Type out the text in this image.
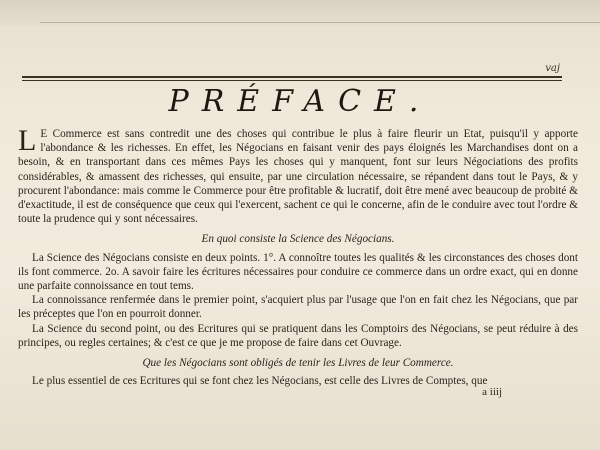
vaj
PRÉFACE.

L E Commerce est sans contredit une des choses qui contribue le plus à faire fleurir un Etat, puisqu'il y apporte l'abondance & les richesses. En effet, les Négocians en faisant venir des pays éloignés les Marchandises dont on a besoin, & en transportant dans ces mêmes Pays les choses qui y manquent, font sur leurs Négociations des profits considérables, & amassent des richesses, qui ensuite, par une circulation nécessaire, se répandent dans tout le Pays, & y procurent l'abondance: mais comme le Commerce pour être profitable & lucratif, doit être mené avec beaucoup de probité & d'exactitude, il est de conséquence que ceux qui l'exercent, sachent ce qui le concerne, afin de le conduire avec tout l'ordre & toute la prudence qui y sont nécessaires.

En quoi consiste la Science des Négocians.

La Science des Négocians consiste en deux points. 1°. A connoître toutes les qualités & les circonstances des choses dont ils font commerce. 2o. A savoir faire les écritures nécessaires pour conduire ce commerce dans un ordre exact, qui en donne une parfaite connoissance en tout tems.

La connoissance renfermée dans le premier point, s'acquiert plus par l'usage que l'on en fait chez les Négocians, que par les préceptes que l'on en pourroit donner.

La Science du second point, ou des Ecritures qui se pratiquent dans les Comptoirs des Négocians, se peut réduire à des principes, ou regles certaines; & c'est ce que je me propose de faire dans cet Ouvrage.

Que les Négocians sont obligés de tenir les Livres de leur Commerce.

Le plus essentiel de ces Ecritures qui se font chez les Négocians, est celle des Livres de Comptes, que

a iiij
